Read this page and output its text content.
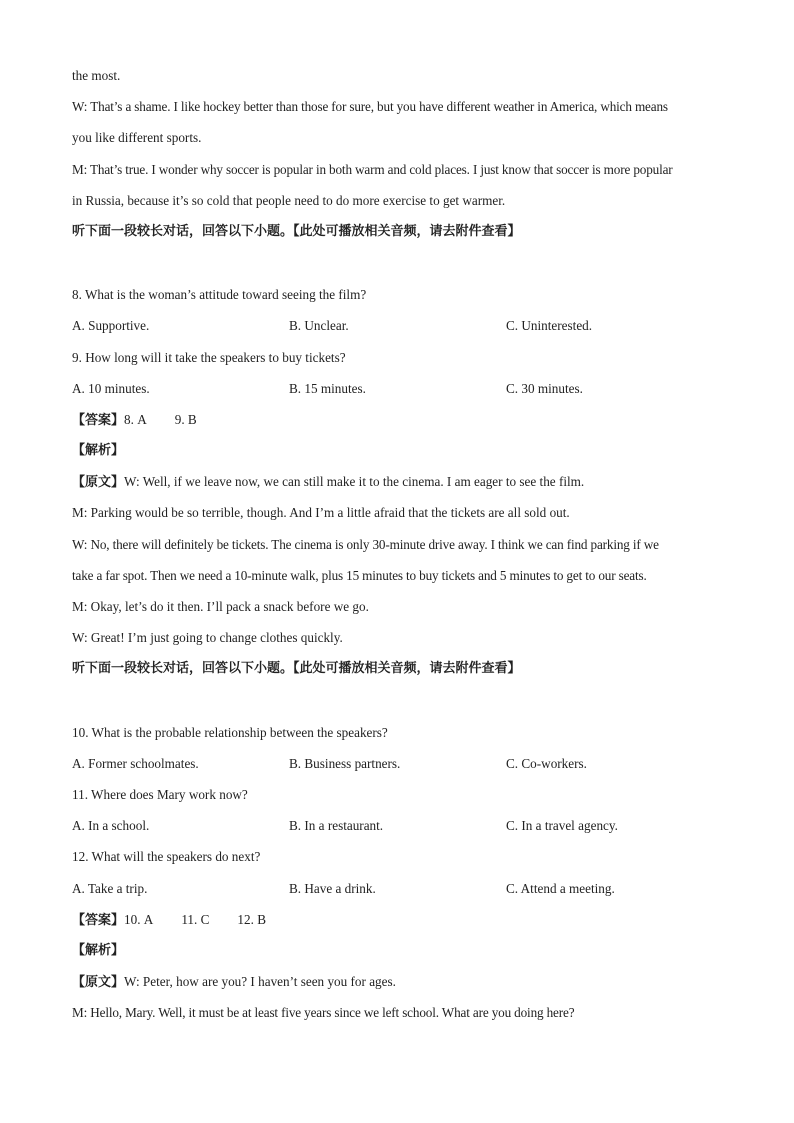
the most.
W: That’s a shame. I like hockey better than those for sure, but you have different weather in America, which means
you like different sports.
M: That’s true. I wonder why soccer is popular in both warm and cold places. I just know that soccer is more popular
in Russia, because it’s so cold that people need to do more exercise to get warmer.
听下面一段较长对话，回答以下小题。【此处可播放相关音频，请去附件查看】
8. What is the woman’s attitude toward seeing the film?
A. Supportive.	B. Unclear.	C. Uninterested.
9. How long will it take the speakers to buy tickets?
A. 10 minutes.	B. 15 minutes.	C. 30 minutes.
【答案】8. A 9. B
【解析】
【原文】W: Well, if we leave now, we can still make it to the cinema. I am eager to see the film.
M: Parking would be so terrible, though. And I’m a little afraid that the tickets are all sold out.
W: No, there will definitely be tickets. The cinema is only 30-minute drive away. I think we can find parking if we
take a far spot. Then we need a 10-minute walk, plus 15 minutes to buy tickets and 5 minutes to get to our seats.
M: Okay, let’s do it then. I’ll pack a snack before we go.
W: Great! I’m just going to change clothes quickly.
听下面一段较长对话，回答以下小题。【此处可播放相关音频，请去附件查看】
10. What is the probable relationship between the speakers?
A. Former schoolmates.	B. Business partners.	C. Co-workers.
11. Where does Mary work now?
A. In a school.	B. In a restaurant.	C. In a travel agency.
12. What will the speakers do next?
A. Take a trip.	B. Have a drink.	C. Attend a meeting.
【答案】10. A 11. C 12. B
【解析】
【原文】W: Peter, how are you? I haven’t seen you for ages.
M: Hello, Mary. Well, it must be at least five years since we left school. What are you doing here?
